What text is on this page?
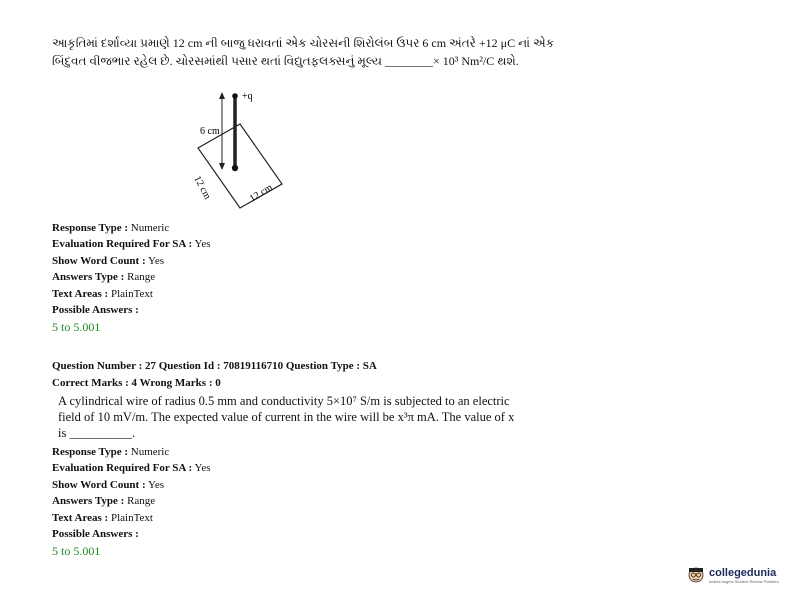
આકૃતિમાં દર્શાવ્યા પ્રમાણે 12 cm ની બાજુ ધરાવતાં એક ચોરસની શિરોલંબ ઉપર 6 cm અંતરે +12 μC નાં એક
બિંદુવત વીજભાર રહેલ છે. ચોરસમાંથી પસાર થતાં વિદ્યુતફલક્સનું મૂલ્ય ________× 10³ Nm²/C થશે.
+q
6 cm
12 cm	12 cm
Response Type : Numeric
Evaluation Required For SA : Yes
Show Word Count : Yes
Answers Type : Range
Text Areas : PlainText
Possible Answers :
5 to 5.001
Question Number : 27 Question Id : 70819116710 Question Type : SA
Correct Marks : 4 Wrong Marks : 0
A cylindrical wire of radius 0.5 mm and conductivity 5×10⁷ S/m is subjected to an electric
field of 10 mV/m. The expected value of current in the wire will be x³π mA. The value of x
is __________.
Response Type : Numeric
Evaluation Required For SA : Yes
Show Word Count : Yes
Answers Type : Range
Text Areas : PlainText
Possible Answers :
5 to 5.001
collegedunia
India's largest Student Review Platform
